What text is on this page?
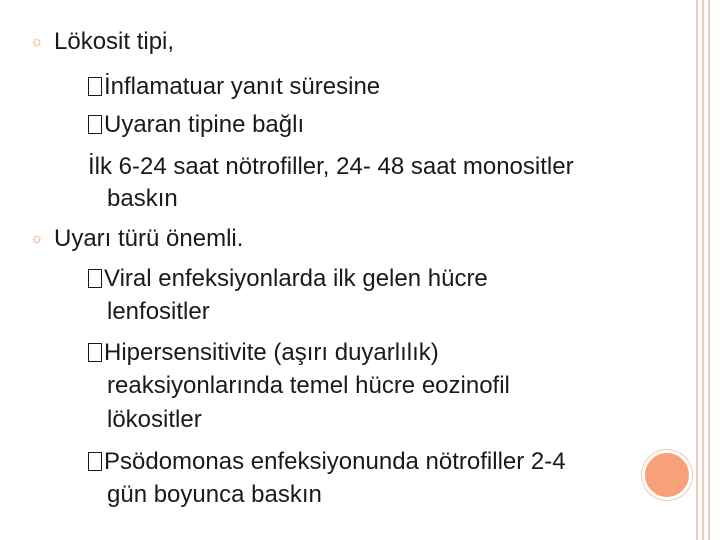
☼ Lökosit tipi,
İnflamatuar yanıt süresine
Uyaran tipine bağlı
İlk 6-24 saat nötrofiller, 24- 48 saat monositler
baskın
☼ Uyarı türü önemli.
Viral enfeksiyonlarda ilk gelen hücre
lenfositler
Hipersensitivite (aşırı duyarlılık)
reaksiyonlarında temel hücre eozinofil
lökositler
Psödomonas enfeksiyonunda nötrofiller 2-4
gün boyunca baskın
